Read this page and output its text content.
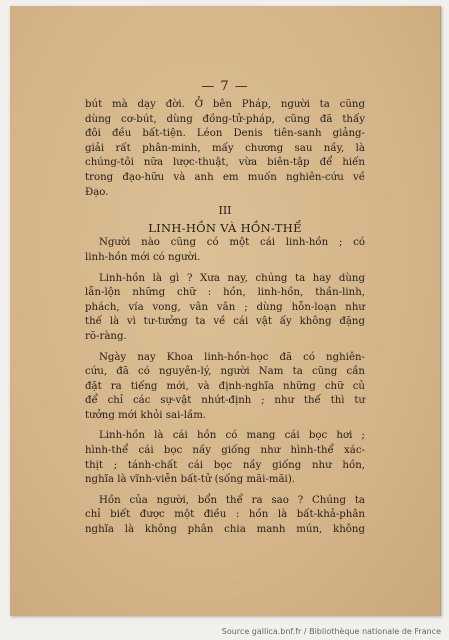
— 7 —
bút mà dạy đời. Ở bên Pháp, người ta cũng
dùng cơ-bút, dùng đồng-tử-pháp, cũng đã thấy
đôi đều bất-tiện. Léon Denis tiên-sanh giảng-
giải rất phân-minh, mấy chương sau nầy, là
chúng-tôi nữa lược-thuật, vừa biên-tập để hiến
trong đạo-hữu và anh em muốn nghiên-cứu về
Đạo.
III
LINH-HỒN VÀ HỒN-THỂ
Người nào cũng có một cái linh-hồn ; có
linh-hồn mới có người.
Linh-hồn là gì ? Xưa nay, chúng ta hay dùng
lẫn-lộn những chữ : hồn, linh-hồn, thần-linh,
phách, vía vong, vân vân ; dùng hỗn-loạn như
thế là vì tư-tưởng ta về cái vật ấy không đặng
rõ-ràng.
Ngày nay Khoa linh-hồn-học đã có nghiên-
cứu, đã có nguyên-lý, người Nam ta cũng cần
đặt ra tiếng mới, và định-nghĩa những chữ củ
để chỉ các sự-vật nhứt-định ; như thế thì tư
tưởng mới khỏi sai-lầm.
Linh-hồn là cái hồn có mang cái bọc hơi ;
hình-thể cái bọc nầy giống như hình-thể xác-
thịt ; tánh-chất cái bọc nầy giống như hồn,
nghĩa là vĩnh-viễn bất-tử (sống mãi-mãi).
Hồn của người, bổn thể ra sao ? Chúng ta
chỉ biết được một điều : hồn là bất-khả-phân
nghĩa là không phân chia manh mún, không
Source gallica.bnf.fr / Bibliothèque nationale de France
